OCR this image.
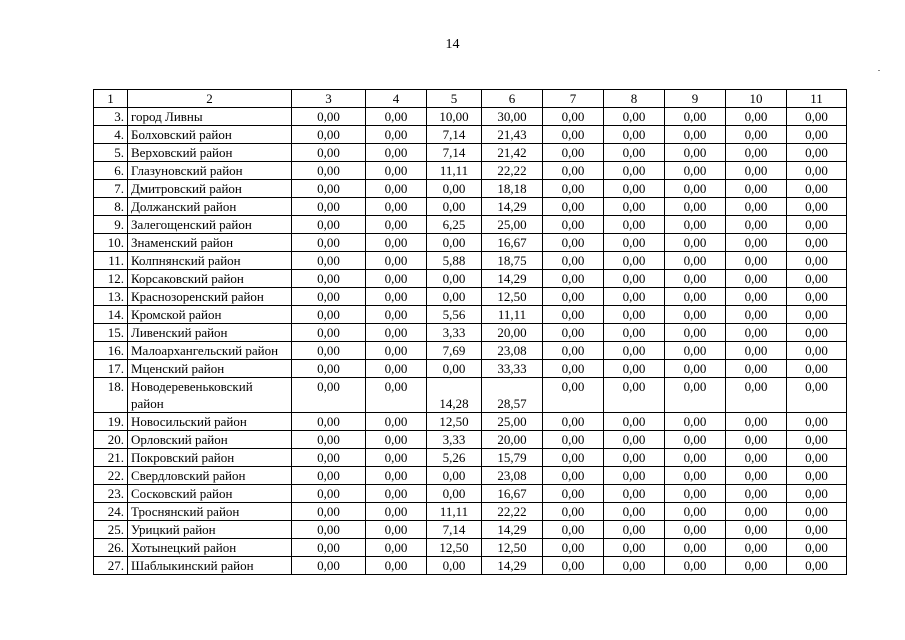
14
1	2	3	4	5	6	7	8	9	10	11
3.	город Ливны	0,00	0,00	10,00	30,00	0,00	0,00	0,00	0,00	0,00
4.	Болховский район	0,00	0,00	7,14	21,43	0,00	0,00	0,00	0,00	0,00
5.	Верховский район	0,00	0,00	7,14	21,42	0,00	0,00	0,00	0,00	0,00
6.	Глазуновский район	0,00	0,00	11,11	22,22	0,00	0,00	0,00	0,00	0,00
7.	Дмитровский район	0,00	0,00	0,00	18,18	0,00	0,00	0,00	0,00	0,00
8.	Должанский район	0,00	0,00	0,00	14,29	0,00	0,00	0,00	0,00	0,00
9.	Залегощенский район	0,00	0,00	6,25	25,00	0,00	0,00	0,00	0,00	0,00
10.	Знаменский район	0,00	0,00	0,00	16,67	0,00	0,00	0,00	0,00	0,00
11.	Колпнянский район	0,00	0,00	5,88	18,75	0,00	0,00	0,00	0,00	0,00
12.	Корсаковский район	0,00	0,00	0,00	14,29	0,00	0,00	0,00	0,00	0,00
13.	Краснозоренский район	0,00	0,00	0,00	12,50	0,00	0,00	0,00	0,00	0,00
14.	Кромской район	0,00	0,00	5,56	11,11	0,00	0,00	0,00	0,00	0,00
15.	Ливенский район	0,00	0,00	3,33	20,00	0,00	0,00	0,00	0,00	0,00
16.	Малоархангельский район	0,00	0,00	7,69	23,08	0,00	0,00	0,00	0,00	0,00
17.	Мценский район	0,00	0,00	0,00	33,33	0,00	0,00	0,00	0,00	0,00
18.	Новодеревеньковский район	0,00	0,00	14,28	28,57	0,00	0,00	0,00	0,00	0,00
19.	Новосильский район	0,00	0,00	12,50	25,00	0,00	0,00	0,00	0,00	0,00
20.	Орловский район	0,00	0,00	3,33	20,00	0,00	0,00	0,00	0,00	0,00
21.	Покровский район	0,00	0,00	5,26	15,79	0,00	0,00	0,00	0,00	0,00
22.	Свердловский район	0,00	0,00	0,00	23,08	0,00	0,00	0,00	0,00	0,00
23.	Сосковский район	0,00	0,00	0,00	16,67	0,00	0,00	0,00	0,00	0,00
24.	Троснянский район	0,00	0,00	11,11	22,22	0,00	0,00	0,00	0,00	0,00
25.	Урицкий район	0,00	0,00	7,14	14,29	0,00	0,00	0,00	0,00	0,00
26.	Хотынецкий район	0,00	0,00	12,50	12,50	0,00	0,00	0,00	0,00	0,00
27.	Шаблыкинский район	0,00	0,00	0,00	14,29	0,00	0,00	0,00	0,00	0,00
